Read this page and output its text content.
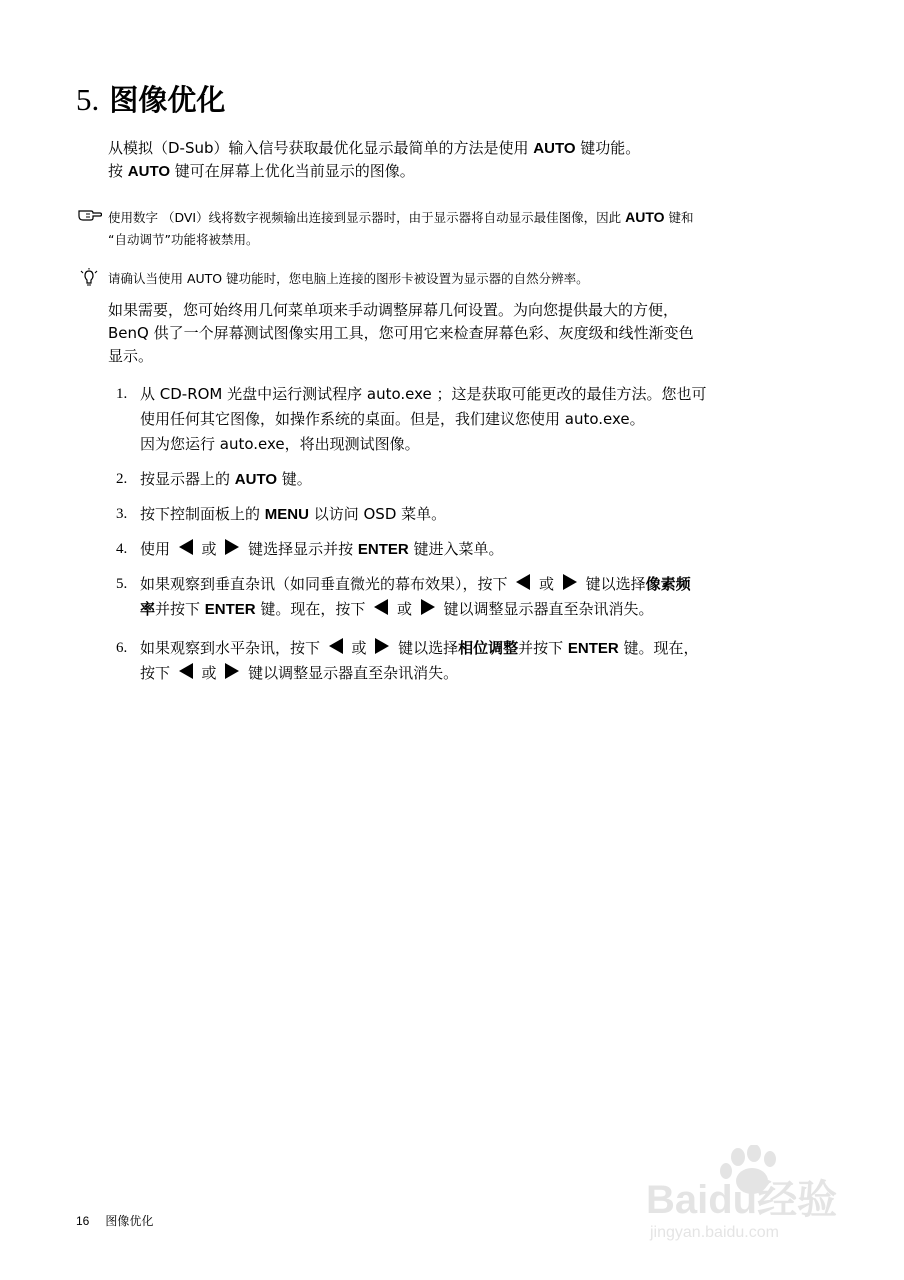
5. 图像优化

从模拟（D-Sub）输入信号获取最优化显示最简单的方法是使用 AUTO 键功能。

按 AUTO 键可在屏幕上优化当前显示的图像。

使用数字 （DVI）线将数字视频输出连接到显示器时，由于显示器将自动显示最佳图像，因此 AUTO 键和

“自动调节”功能将被禁用。

请确认当使用 AUTO 键功能时，您电脑上连接的图形卡被设置为显示器的自然分辨率。

如果需要，您可始终用几何菜单项来手动调整屏幕几何设置。为向您提供最大的方便，

BenQ 供了一个屏幕测试图像实用工具，您可用它来检查屏幕色彩、灰度级和线性渐变色

显示。

1. 从 CD-ROM 光盘中运行测试程序 auto.exe ；这是获取可能更改的最佳方法。您也可

使用任何其它图像，如操作系统的桌面。但是，我们建议您使用 auto.exe。

因为您运行 auto.exe，将出现测试图像。

2. 按显示器上的 AUTO 键。

3. 按下控制面板上的 MENU 以访问 OSD 菜单。

4. 使用  或  键选择显示并按 ENTER 键进入菜单。

5. 如果观察到垂直杂讯（如同垂直微光的幕布效果），按下  或  键以选择像素频

率并按下 ENTER 键。现在，按下  或  键以调整显示器直至杂讯消失。

6. 如果观察到水平杂讯，按下  或  键以选择相位调整并按下 ENTER 键。现在，

按下  或  键以调整显示器直至杂讯消失。

16 图像优化	Baidu经验
jingyan.baidu.com
